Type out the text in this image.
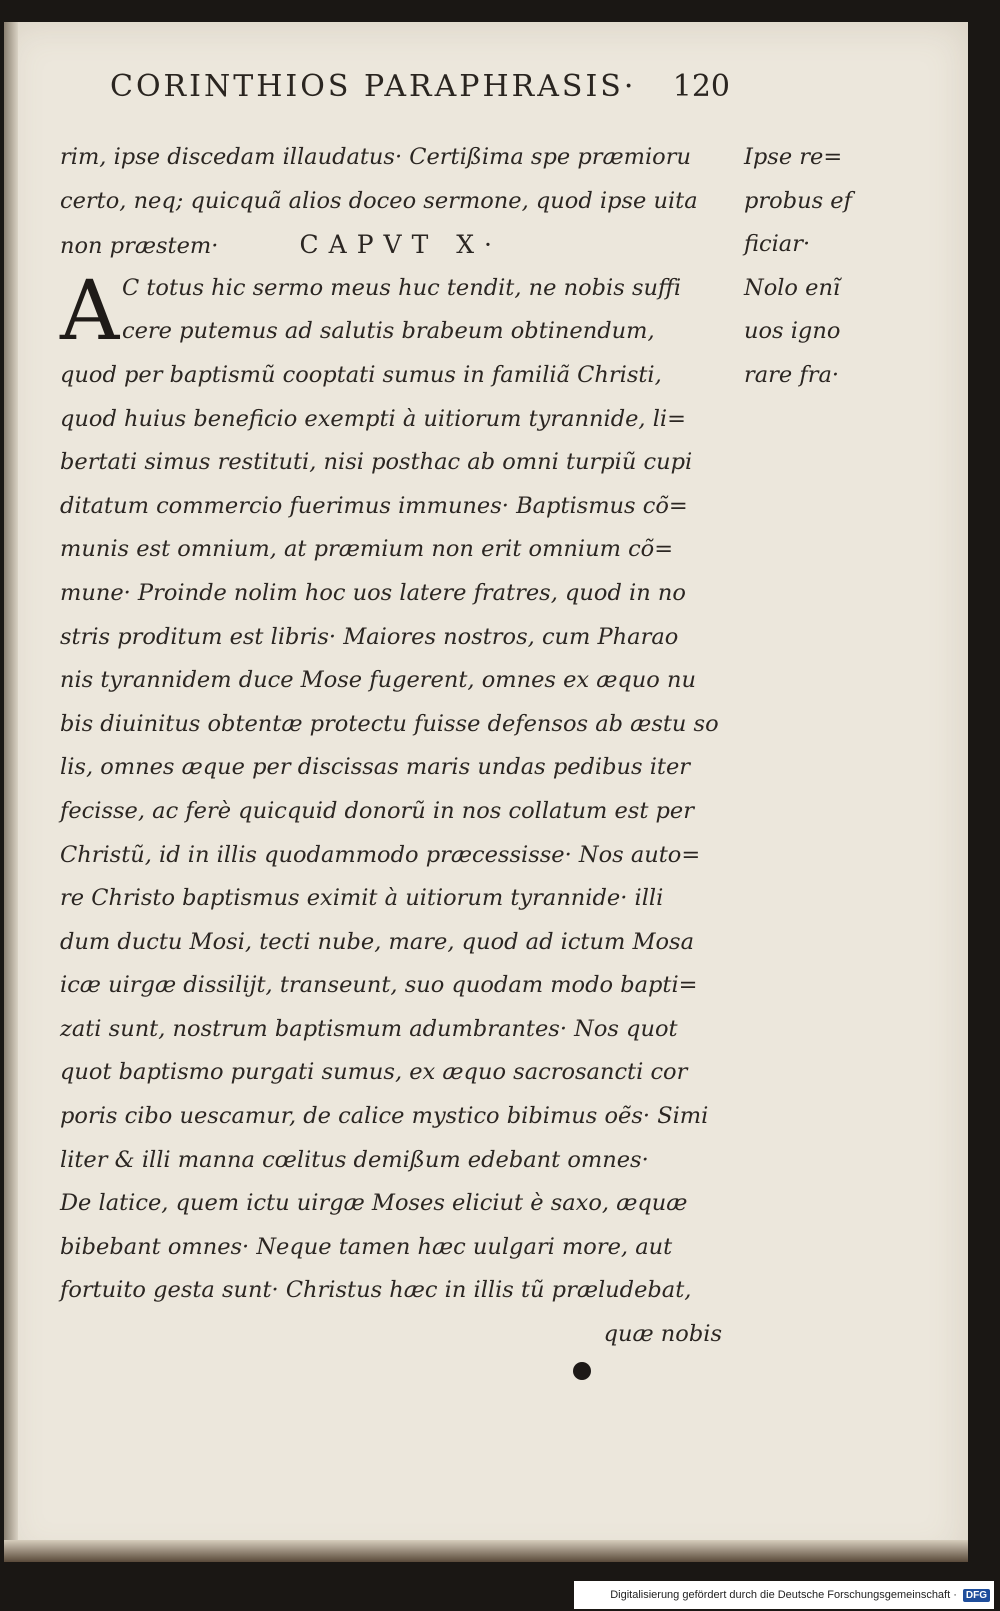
CORINTHIOS PARAPHRASIS· 120
rim, ipse discedam illaudatus· Certißima spe præmioru
certo, neq; quicquã alios doceo sermone, quod ipse uita
non præstem·	CAPVT X·
A C totus hic sermo meus huc tendit, ne nobis suffi
cere putemus ad salutis brabeum obtinendum,
quod per baptismũ cooptati sumus in familiã Christi,
quod huius beneficio exempti à uitiorum tyrannide, li=
bertati simus restituti, nisi posthac ab omni turpiũ cupi
ditatum commercio fuerimus immunes· Baptismus cõ=
munis est omnium, at præmium non erit omnium cõ=
mune· Proinde nolim hoc uos latere fratres, quod in no
stris proditum est libris· Maiores nostros, cum Pharao
nis tyrannidem duce Mose fugerent, omnes ex æquo nu
bis diuinitus obtentæ protectu fuisse defensos ab æstu so
lis, omnes æque per discissas maris undas pedibus iter
fecisse, ac ferè quicquid donorũ in nos collatum est per
Christũ, id in illis quodammodo præcessisse· Nos auto=
re Christo baptismus eximit à uitiorum tyrannide· illi
dum ductu Mosi, tecti nube, mare, quod ad ictum Mosa
icæ uirgæ dissilijt, transeunt, suo quodam modo bapti=
zati sunt, nostrum baptismum adumbrantes· Nos quot
quot baptismo purgati sumus, ex æquo sacrosancti cor
poris cibo uescamur, de calice mystico bibimus oẽs· Simi
liter & illi manna cœlitus demißum edebant omnes·
De latice, quem ictu uirgæ Moses eliciut è saxo, æquæ
bibebant omnes· Neque tamen hæc uulgari more, aut
fortuito gesta sunt· Christus hæc in illis tũ præludebat,
quæ nobis
Ipse re=
probus ef
ficiar·
Nolo enĩ
uos igno
rare fra·
Digitalisierung gefördert durch die Deutsche Forschungsgemeinschaft · DFG
